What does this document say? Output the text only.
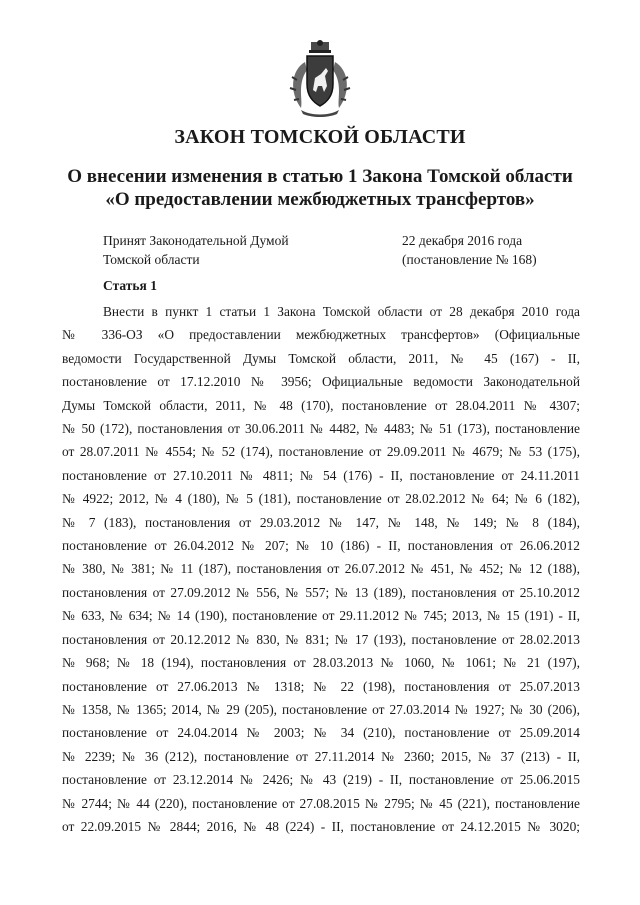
ЗАКОН ТОМСКОЙ ОБЛАСТИ
О внесении изменения в статью 1 Закона Томской области
«О предоставлении межбюджетных трансфертов»
Принят Законодательной Думой
Томской области
22 декабря 2016 года
(постановление № 168)
Статья 1
Внести в пункт 1 статьи 1 Закона Томской области от 28 декабря 2010 года
№ 336-ОЗ «О предоставлении межбюджетных трансфертов» (Официальные
ведомости Государственной Думы Томской области, 2011, № 45 (167) - II,
постановление от 17.12.2010 № 3956; Официальные ведомости Законодательной
Думы Томской области, 2011, № 48 (170), постановление от 28.04.2011 № 4307;
№ 50 (172), постановления от 30.06.2011 № 4482, № 4483; № 51 (173), постановление
от 28.07.2011 № 4554; № 52 (174), постановление от 29.09.2011 № 4679; № 53 (175),
постановление от 27.10.2011 № 4811; № 54 (176) - II, постановление от 24.11.2011
№ 4922; 2012, № 4 (180), № 5 (181), постановление от 28.02.2012 № 64; № 6 (182),
№ 7 (183), постановления от 29.03.2012 № 147, № 148, № 149; № 8 (184),
постановление от 26.04.2012 № 207; № 10 (186) - II, постановления от 26.06.2012
№ 380, № 381; № 11 (187), постановления от 26.07.2012 № 451, № 452; № 12 (188),
постановления от 27.09.2012 № 556, № 557; № 13 (189), постановления от 25.10.2012
№ 633, № 634; № 14 (190), постановление от 29.11.2012 № 745; 2013, № 15 (191) - II,
постановления от 20.12.2012 № 830, № 831; № 17 (193), постановление от 28.02.2013
№ 968; № 18 (194), постановления от 28.03.2013 № 1060, № 1061; № 21 (197),
постановление от 27.06.2013 № 1318; № 22 (198), постановления от 25.07.2013
№ 1358, № 1365; 2014, № 29 (205), постановление от 27.03.2014 № 1927; № 30 (206),
постановление от 24.04.2014 № 2003; № 34 (210), постановление от 25.09.2014
№ 2239; № 36 (212), постановление от 27.11.2014 № 2360; 2015, № 37 (213) - II,
постановление от 23.12.2014 № 2426; № 43 (219) - II, постановление от 25.06.2015
№ 2744; № 44 (220), постановление от 27.08.2015 № 2795; № 45 (221), постановление
от 22.09.2015 № 2844; 2016, № 48 (224) - II, постановление от 24.12.2015 № 3020;
